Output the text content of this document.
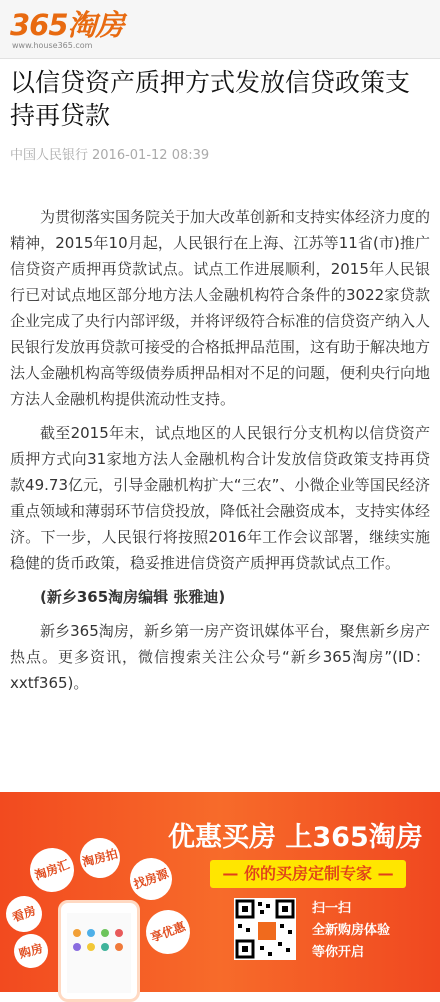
365淘房
www.house365.com
以信贷资产质押方式发放信贷政策支持再贷款
中国人民银行 2016-01-12 08:39

为贯彻落实国务院关于加大改革创新和支持实体经济力度的精神，2015年10月起，人民银行在上海、江苏等11省(市)推广信贷资产质押再贷款试点。试点工作进展顺利，2015年人民银行已对试点地区部分地方法人金融机构符合条件的3022家贷款企业完成了央行内部评级，并将评级符合标准的信贷资产纳入人民银行发放再贷款可接受的合格抵押品范围，这有助于解决地方法人金融机构高等级债券质押品相对不足的问题，便利央行向地方法人金融机构提供流动性支持。

截至2015年末，试点地区的人民银行分支机构以信贷资产质押方式向31家地方法人金融机构合计发放信贷政策支持再贷款49.73亿元，引导金融机构扩大“三农”、小微企业等国民经济重点领域和薄弱环节信贷投放，降低社会融资成本，支持实体经济。下一步，人民银行将按照2016年工作会议部署，继续实施稳健的货币政策，稳妥推进信贷资产质押再贷款试点工作。

(新乡365淘房编辑 张雅迪)

新乡365淘房，新乡第一房产资讯媒体平台，聚焦新乡房产热点。更多资讯，微信搜索关注公众号“新乡365淘房”(ID：xxtf365)。

淘房汇 淘房拍
找房源
看房
购房
享优惠
优惠买房 上365淘房
— 你的买房定制专家 —
扫一扫
全新购房体验
等你开启
